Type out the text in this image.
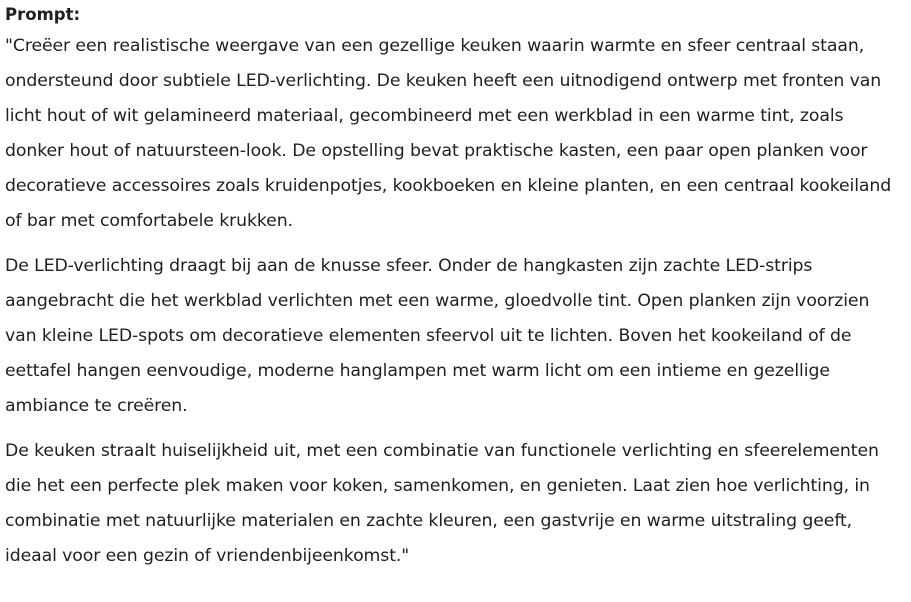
Prompt:

"Creëer een realistische weergave van een gezellige keuken waarin warmte en sfeer centraal staan, ondersteund door subtiele LED-verlichting. De keuken heeft een uitnodigend ontwerp met fronten van licht hout of wit gelamineerd materiaal, gecombineerd met een werkblad in een warme tint, zoals donker hout of natuursteen-look. De opstelling bevat praktische kasten, een paar open planken voor decoratieve accessoires zoals kruidenpotjes, kookboeken en kleine planten, en een centraal kookeiland of bar met comfortabele krukken.

De LED-verlichting draagt bij aan de knusse sfeer. Onder de hangkasten zijn zachte LED-strips aangebracht die het werkblad verlichten met een warme, gloedvolle tint. Open planken zijn voorzien van kleine LED-spots om decoratieve elementen sfeervol uit te lichten. Boven het kookeiland of de eettafel hangen eenvoudige, moderne hanglampen met warm licht om een intieme en gezellige ambiance te creëren.

De keuken straalt huiselijkheid uit, met een combinatie van functionele verlichting en sfeerelementen die het een perfecte plek maken voor koken, samenkomen, en genieten. Laat zien hoe verlichting, in combinatie met natuurlijke materialen en zachte kleuren, een gastvrije en warme uitstraling geeft, ideaal voor een gezin of vriendenbijeenkomst."
